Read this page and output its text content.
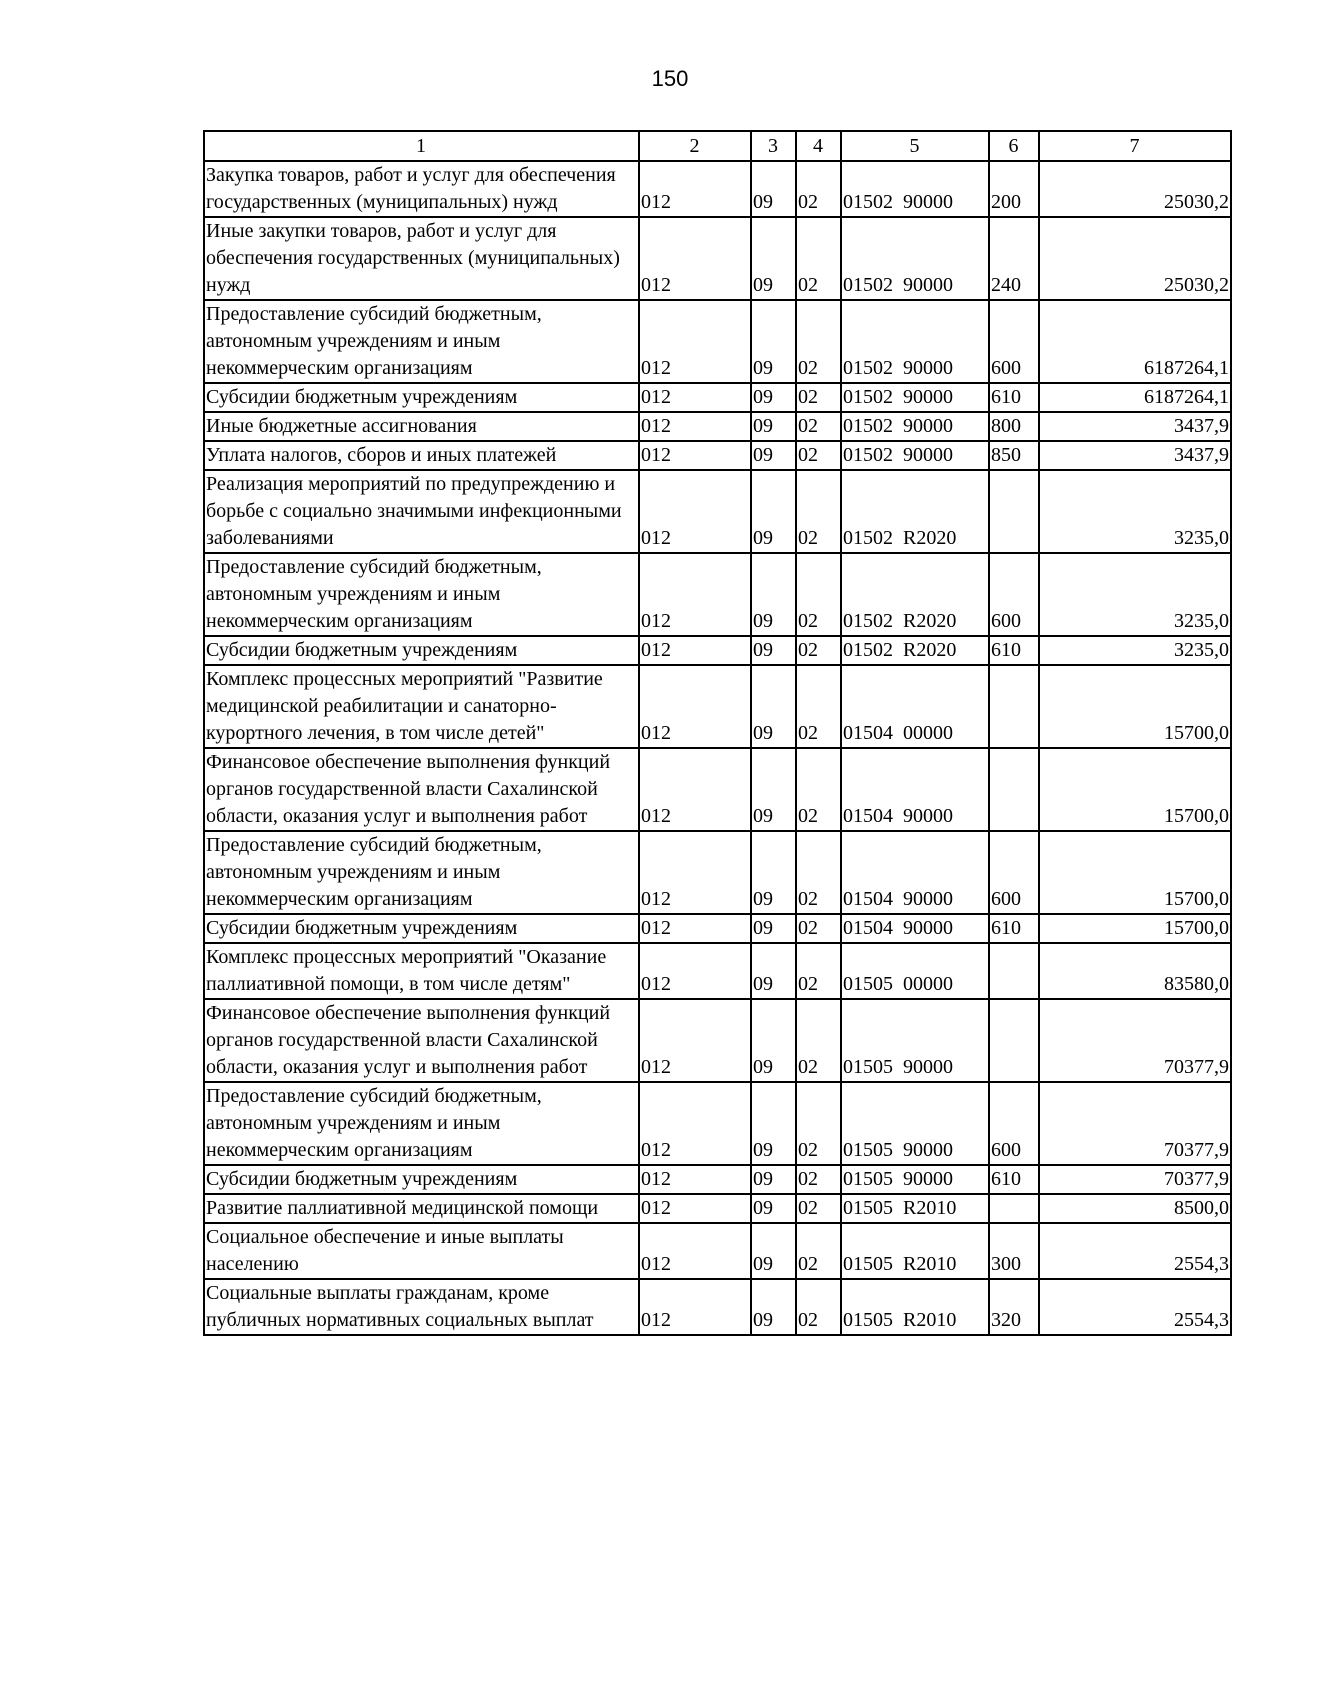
150
1	2	3	4	5	6	7
Закупка товаров, работ и услуг для обеспечения государственных (муниципальных) нужд	012	09	02	01502  90000	200	25030,2
Иные закупки товаров, работ и услуг для обеспечения государственных (муниципальных) нужд	012	09	02	01502  90000	240	25030,2
Предоставление субсидий бюджетным, автономным учреждениям и иным некоммерческим организациям	012	09	02	01502  90000	600	6187264,1
Субсидии бюджетным учреждениям	012	09	02	01502  90000	610	6187264,1
Иные бюджетные ассигнования	012	09	02	01502  90000	800	3437,9
Уплата налогов, сборов и иных платежей	012	09	02	01502  90000	850	3437,9
Реализация мероприятий по предупреждению и борьбе с социально значимыми инфекционными заболеваниями	012	09	02	01502  R2020		3235,0
Предоставление субсидий бюджетным, автономным учреждениям и иным некоммерческим организациям	012	09	02	01502  R2020	600	3235,0
Субсидии бюджетным учреждениям	012	09	02	01502  R2020	610	3235,0
Комплекс процессных мероприятий "Развитие медицинской реабилитации и санаторно-курортного лечения, в том числе детей"	012	09	02	01504  00000		15700,0
Финансовое обеспечение выполнения функций органов государственной власти Сахалинской области, оказания услуг и выполнения работ	012	09	02	01504  90000		15700,0
Предоставление субсидий бюджетным, автономным учреждениям и иным некоммерческим организациям	012	09	02	01504  90000	600	15700,0
Субсидии бюджетным учреждениям	012	09	02	01504  90000	610	15700,0
Комплекс процессных мероприятий "Оказание паллиативной помощи, в том числе детям"	012	09	02	01505  00000		83580,0
Финансовое обеспечение выполнения функций органов государственной власти Сахалинской области, оказания услуг и выполнения работ	012	09	02	01505  90000		70377,9
Предоставление субсидий бюджетным, автономным учреждениям и иным некоммерческим организациям	012	09	02	01505  90000	600	70377,9
Субсидии бюджетным учреждениям	012	09	02	01505  90000	610	70377,9
Развитие паллиативной медицинской помощи	012	09	02	01505  R2010		8500,0
Социальное обеспечение и иные выплаты населению	012	09	02	01505  R2010	300	2554,3
Социальные выплаты гражданам, кроме публичных нормативных социальных выплат	012	09	02	01505  R2010	320	2554,3
